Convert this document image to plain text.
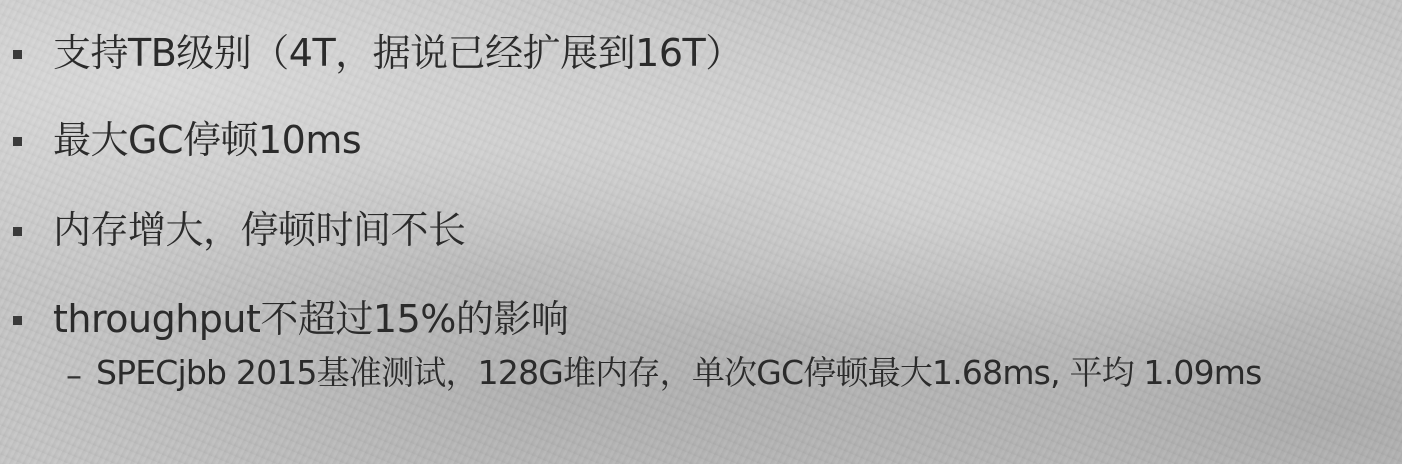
支持TB级别（4T，据说已经扩展到16T）
最大GC停顿10ms
内存增大，停顿时间不长
throughput不超过15%的影响
– SPECjbb 2015基准测试，128G堆内存，单次GC停顿最大1.68ms, 平均 1.09ms
